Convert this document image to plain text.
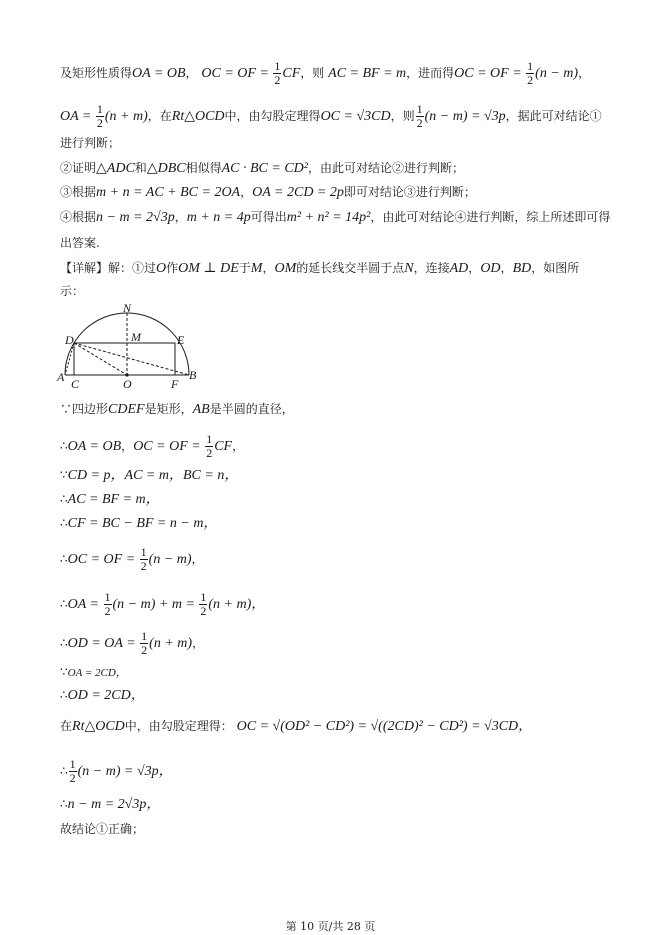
及矩形性质得OA = OB， OC = OF = $\frac{1}{2}$ CF，则 AC = BF = m，进而得OC = OF = $\frac{1}{2} (n - m)$，
OA = $\frac{1}{2} (n + m)$，在Rt△OCD中，由勾股定理得OC = √3CD，则 $\frac{1}{2} (n - m) = √3p$，据此可对结论①
进行判断；
②证明△ADC和△DBC相似得AC · BC = CD²，由此可对结论②进行判断；
③根据m + n = AC + BC = 2OA，OA = 2CD = 2p即可对结论③进行判断；
④根据n − m = 2√3p，m + n = 4p可得出m² + n² = 14p²，由此可对结论④进行判断，综上所述即可得
出答案.
【详解】解：①过O作OM ⊥ DE于M，OM的延长线交半圆于点N，连接AD，OD，BD，如图所
示：
N
M
D	E
A C	O	F
B
∵四边形CDEF是矩形，AB是半圆的直径，
∴OA = OB，OC = OF = $\frac{1}{2}$ CF，
∵CD = p，AC = m，BC = n，
∴AC = BF = m，
∴CF = BC − BF = n − m，
∴OC = OF = $\frac{1}{2} (n - m)$，
∴OA = $\frac{1}{2} (n - m) + m = \frac{1}{2} (n + m)$，
∴OD = OA = $\frac{1}{2} (n + m)$，
∵OA = 2CD，
∴OD = 2CD，
在Rt△OCD中，由勾股定理得： OC = √(OD² − CD²) = √((2CD)² − CD²) = √3CD，
∴ $\frac{1}{2} (n - m) = √3p$，
∴n − m = 2√3p，
故结论①正确；
第 10 页/共 28 页
